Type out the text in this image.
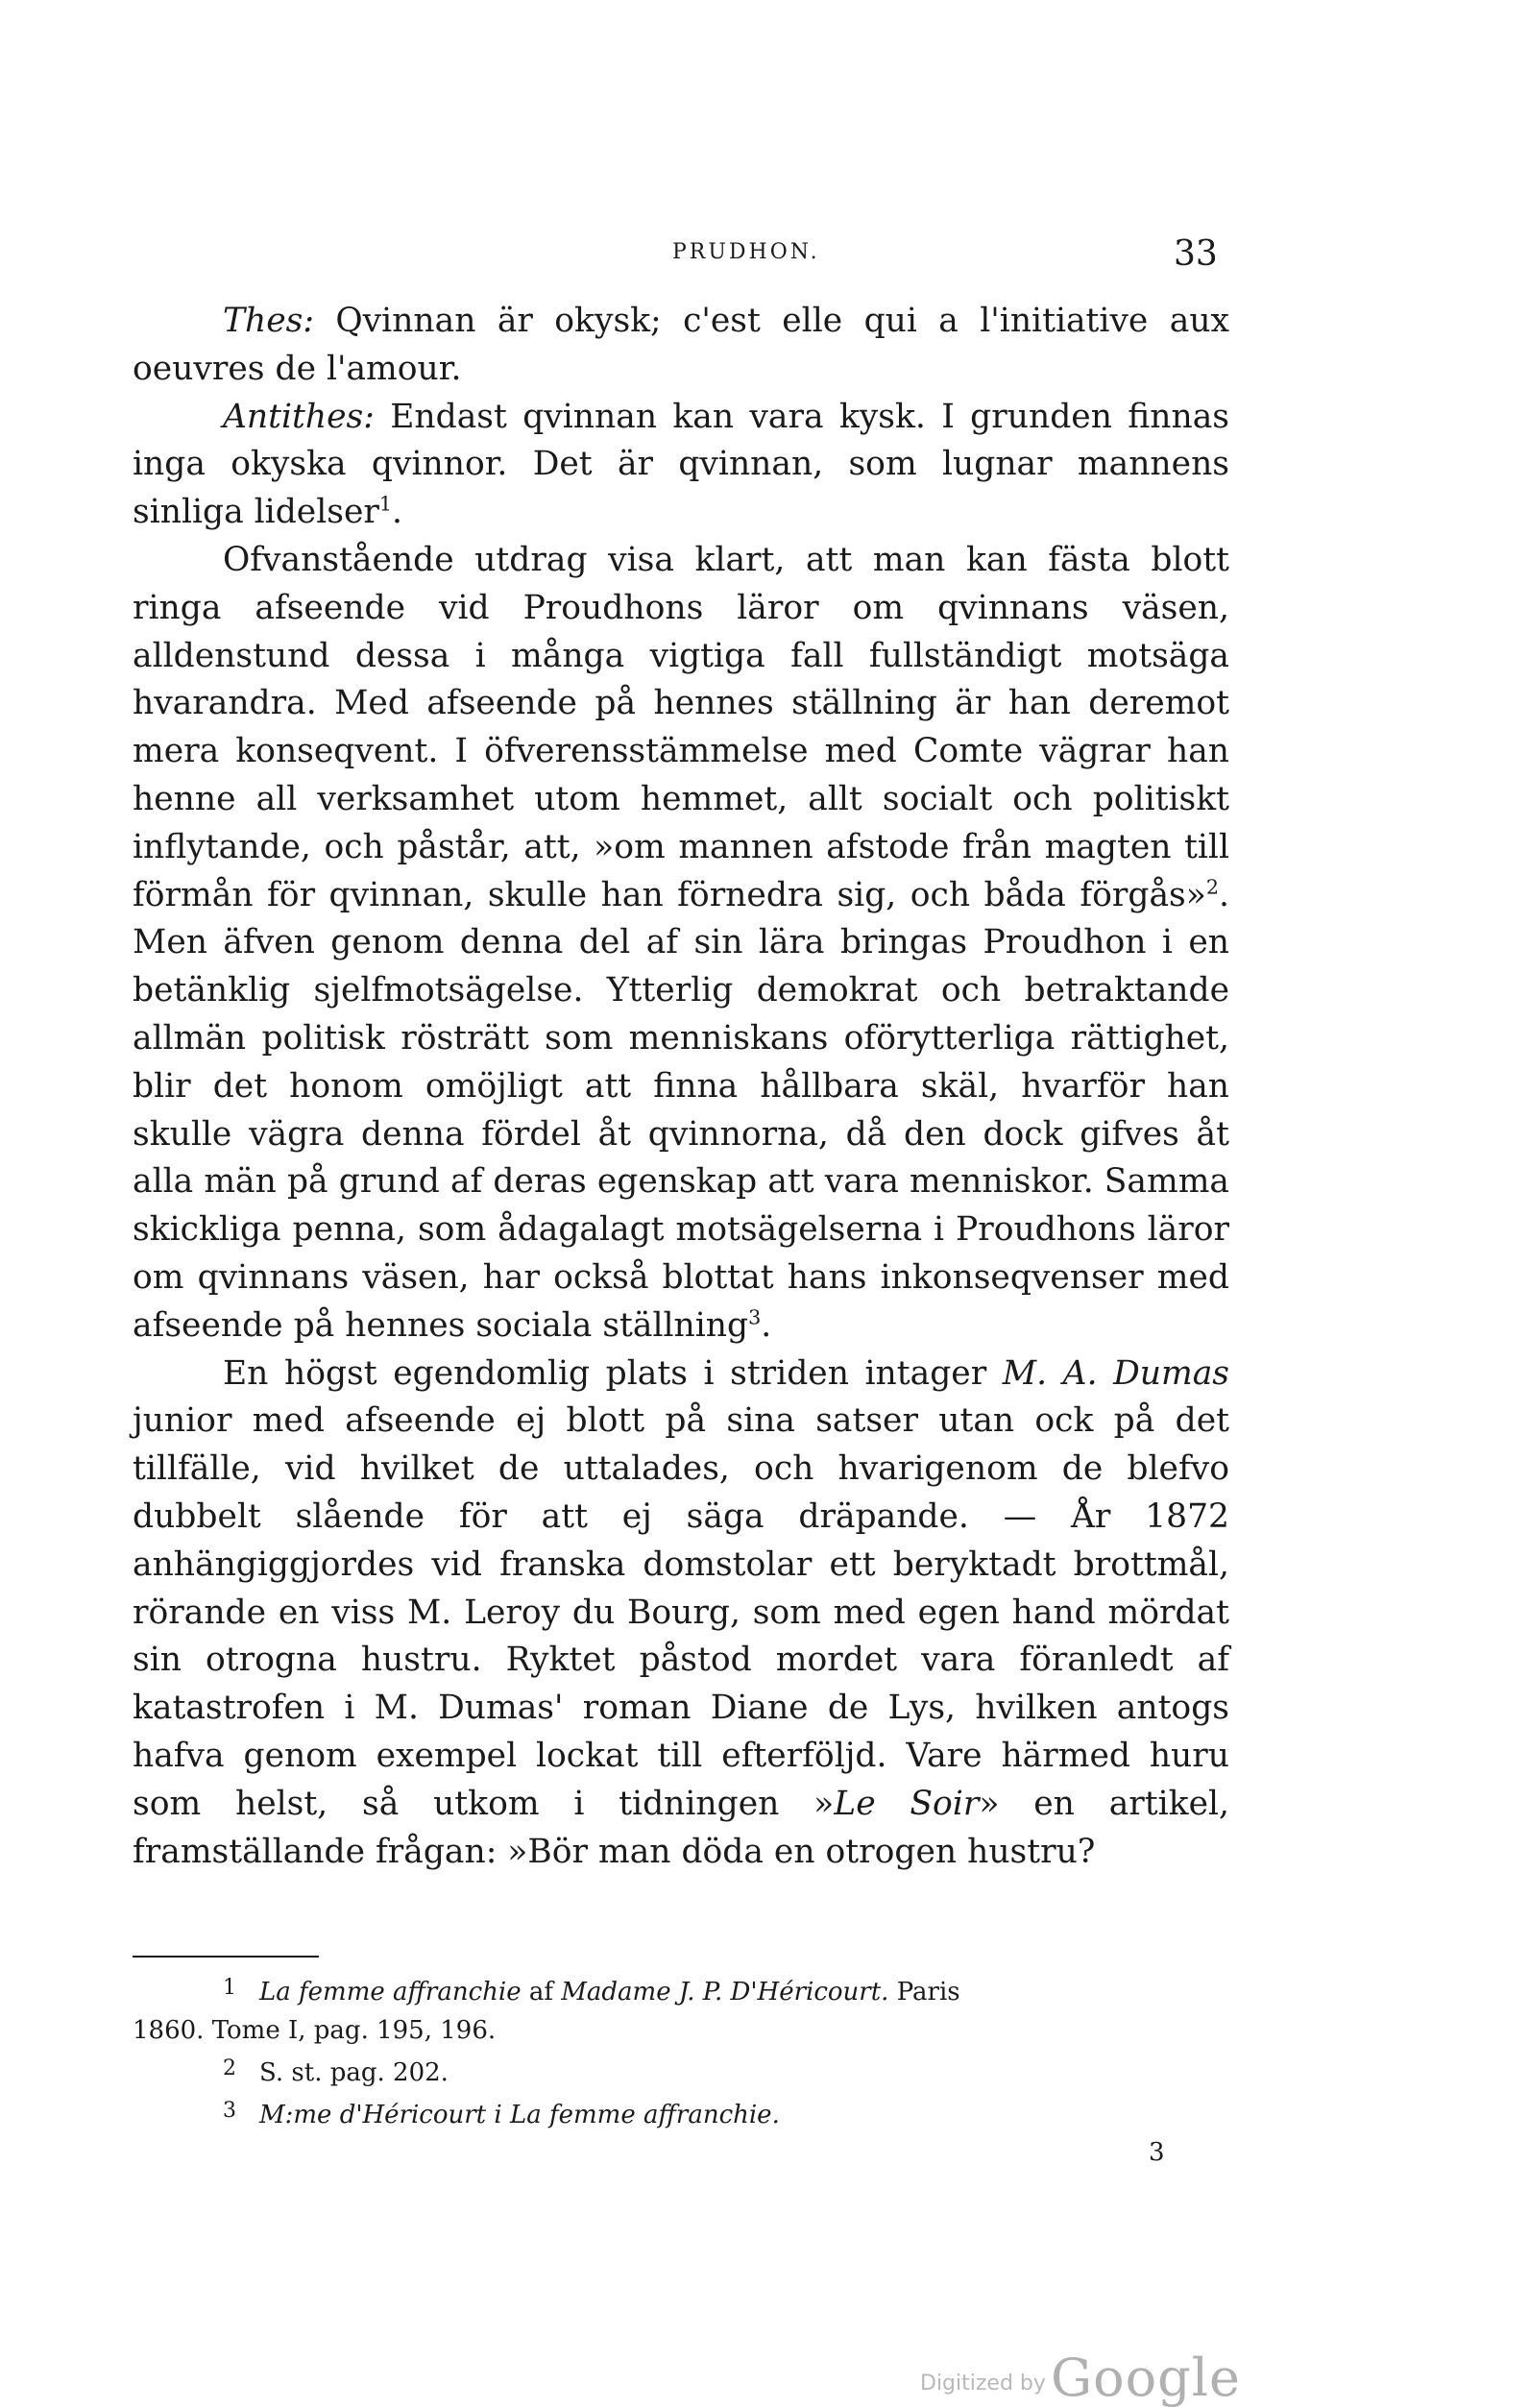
PRUDHON.	33

Thes: Qvinnan är okysk; c'est elle qui a l'initiative aux oeuvres de l'amour.

Antithes: Endast qvinnan kan vara kysk. I grunden finnas inga okyska qvinnor. Det är qvinnan, som lugnar mannens sinliga lidelser$^1$.

Ofvanstående utdrag visa klart, att man kan fästa blott ringa afseende vid Proudhons läror om qvinnans väsen, alldenstund dessa i många vigtiga fall fullständigt motsäga hvarandra. Med afseende på hennes ställning är han deremot mera konseqvent. I öfverensstämmelse med Comte vägrar han henne all verksamhet utom hemmet, allt socialt och politiskt inflytande, och påstår, att, »om mannen afstode från magten till förmån för qvinnan, skulle han förnedra sig, och båda förgås»$^2$. Men äfven genom denna del af sin lära bringas Proudhon i en betänklig sjelfmotsägelse. Ytterlig demokrat och betraktande allmän politisk rösträtt som menniskans oförytterliga rättighet, blir det honom omöjligt att finna hållbara skäl, hvarför han skulle vägra denna fördel åt qvinnorna, då den dock gifves åt alla män på grund af deras egenskap att vara menniskor. Samma skickliga penna, som ådagalagt motsägelserna i Proudhons läror om qvinnans väsen, har också blottat hans inkonseqvenser med afseende på hennes sociala ställning$^3$.

En högst egendomlig plats i striden intager M. A. Dumas junior med afseende ej blott på sina satser utan ock på det tillfälle, vid hvilket de uttalades, och hvarigenom de blefvo dubbelt slående för att ej säga dräpande. — År 1872 anhängiggjordes vid franska domstolar ett beryktadt brottmål, rörande en viss M. Leroy du Bourg, som med egen hand mördat sin otrogna hustru. Ryktet påstod mordet vara föranledt af katastrofen i M. Dumas' roman Diane de Lys, hvilken antogs hafva genom exempel lockat till efterföljd. Vare härmed huru som helst, så utkom i tidningen »Le Soir» en artikel, framställande frågan: »Bör man döda en otrogen hustru?

1 La femme affranchie af Madame J. P. D'Héricourt. Paris

1860. Tome I, pag. 195, 196.

2 S. st. pag. 202.

3 M:me d'Héricourt i La femme affranchie.

3
Digitized by Google
